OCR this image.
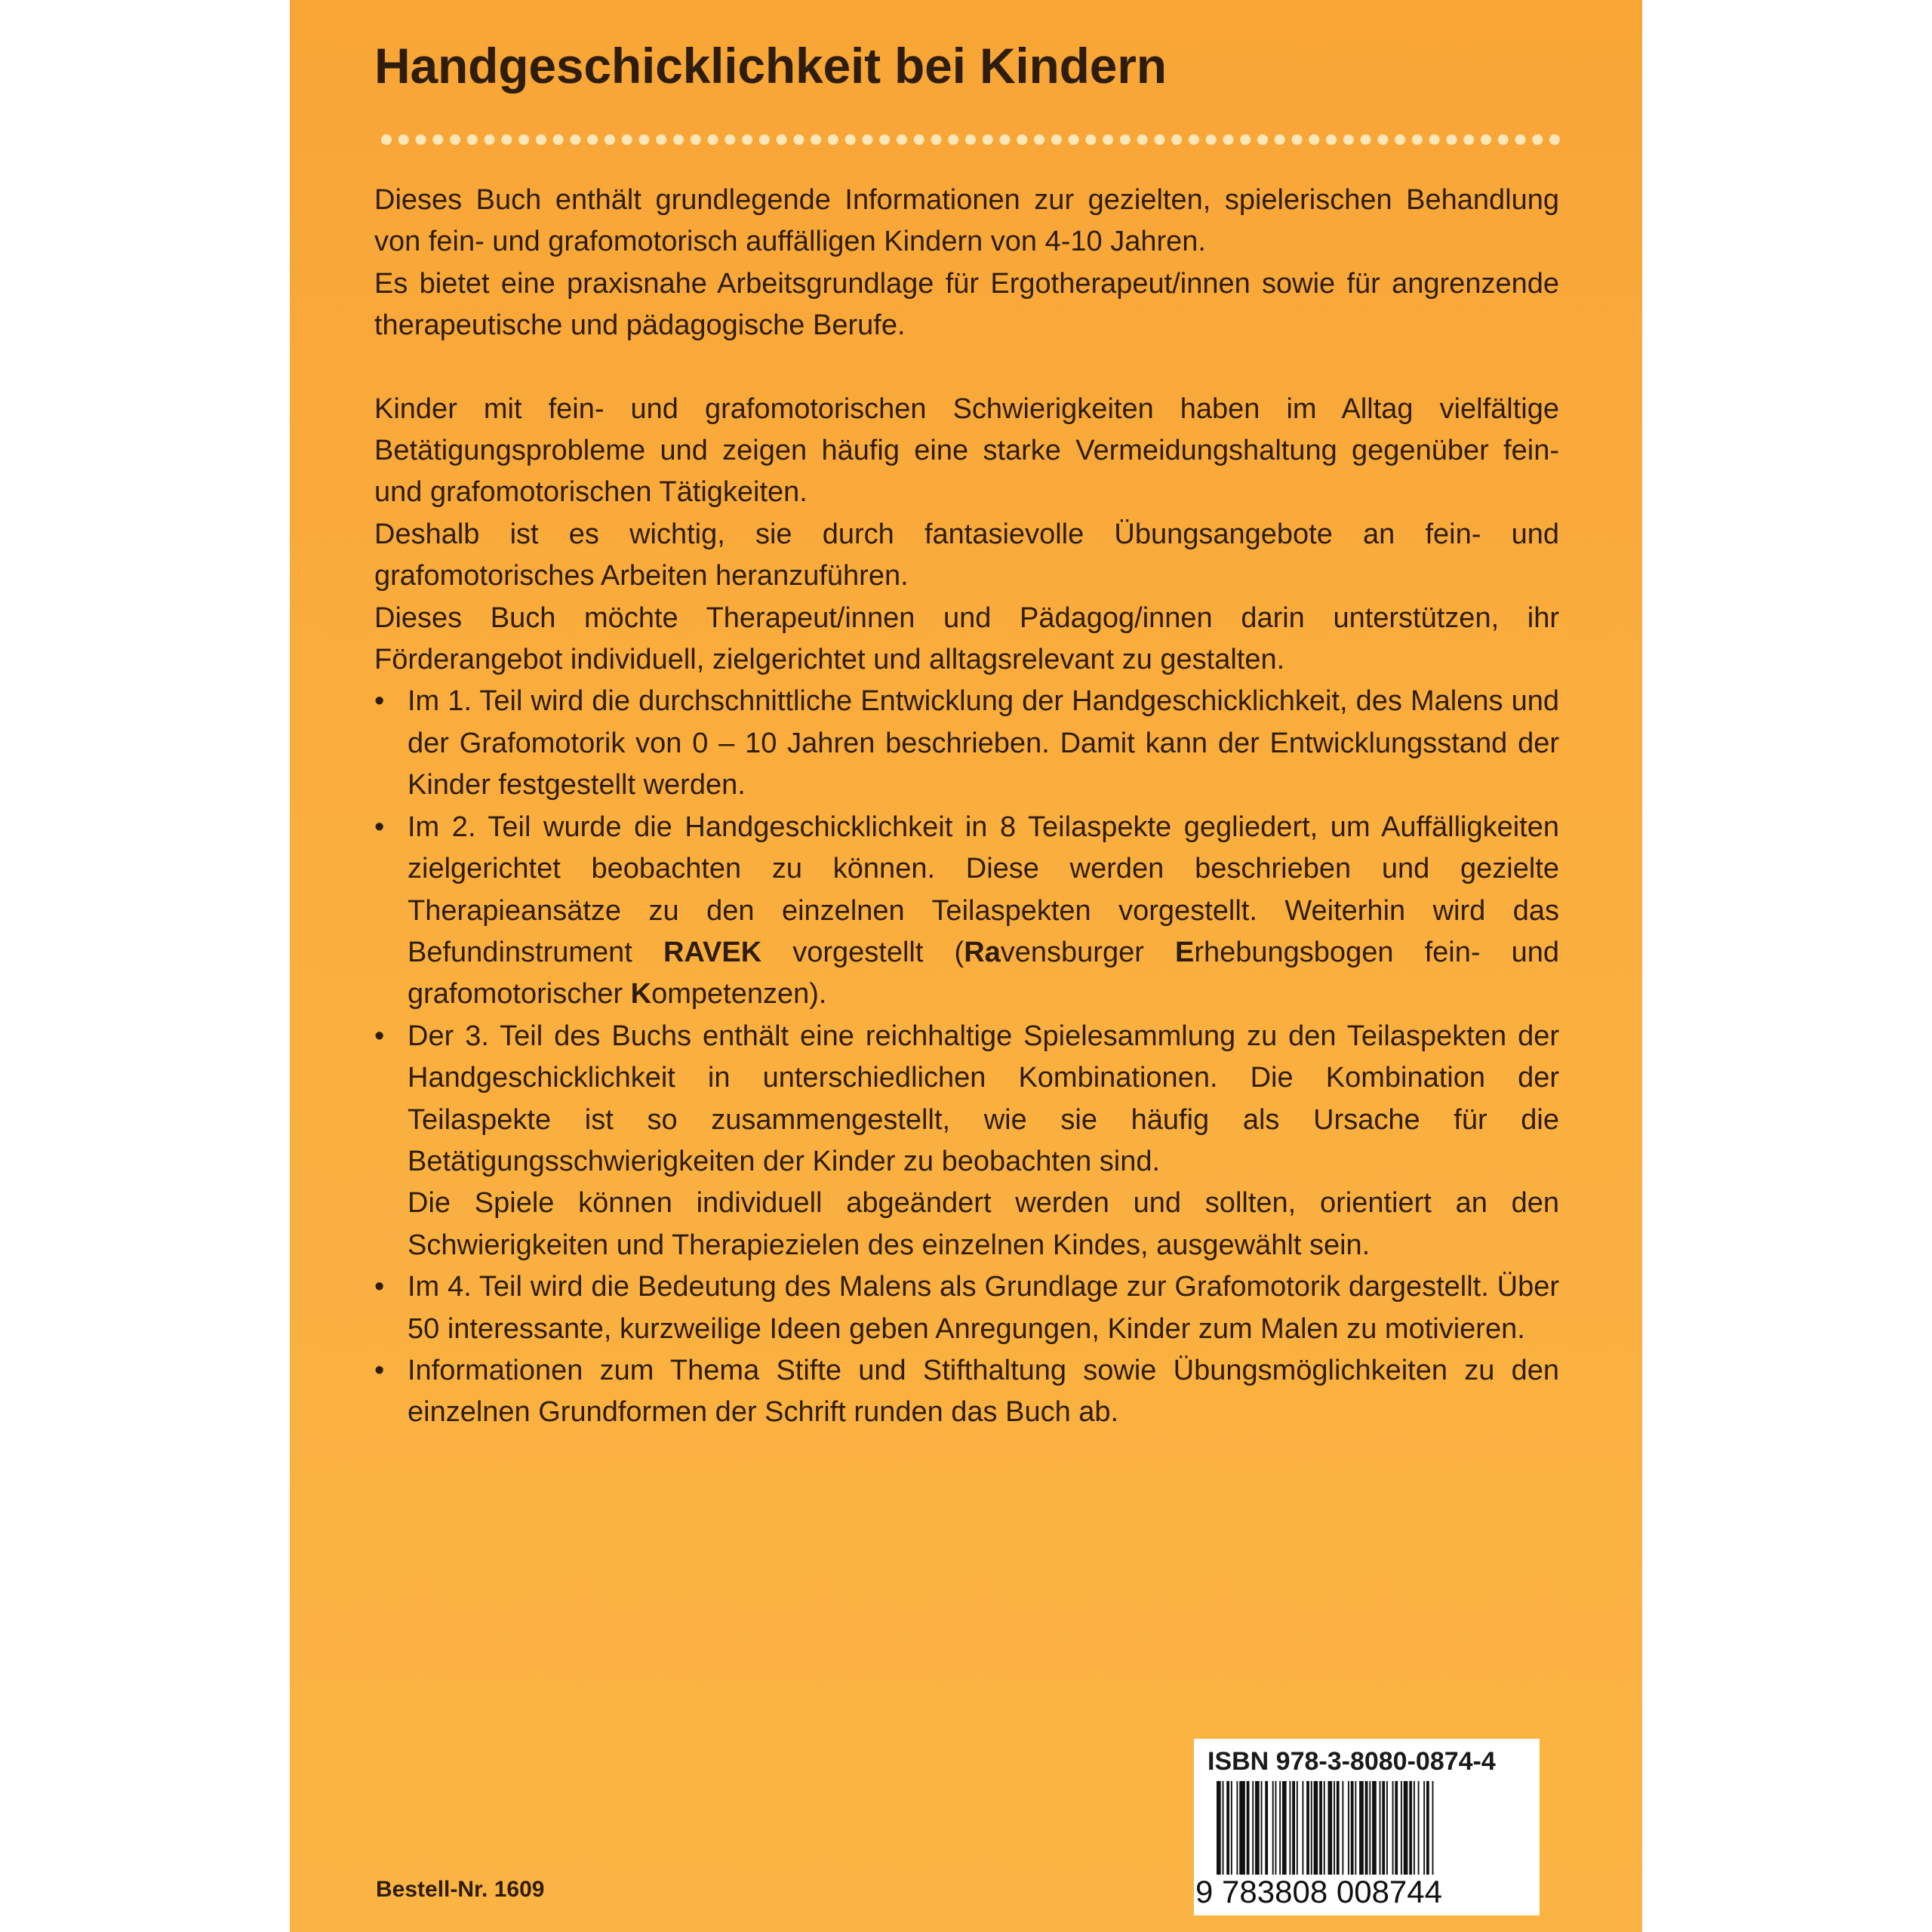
Handgeschicklichkeit bei Kindern

Dieses Buch enthält grundlegende Informationen zur gezielten, spielerischen Behandlung von fein- und grafomotorisch auffälligen Kindern von 4-10 Jahren.

Es bietet eine praxisnahe Arbeitsgrundlage für Ergotherapeut/innen sowie für angrenzende therapeutische und pädagogische Berufe.

Kinder mit fein- und grafomotorischen Schwierigkeiten haben im Alltag vielfältige Betätigungsprobleme und zeigen häufig eine starke Vermeidungshaltung gegenüber fein- und grafomotorischen Tätigkeiten.

Deshalb ist es wichtig, sie durch fantasievolle Übungsangebote an fein- und grafomotorisches Arbeiten heranzuführen.

Dieses Buch möchte Therapeut/innen und Pädagog/innen darin unterstützen, ihr Förderangebot individuell, zielgerichtet und alltagsrelevant zu gestalten.

• Im 1. Teil wird die durchschnittliche Entwicklung der Handgeschicklichkeit, des Malens und der Grafomotorik von 0 – 10 Jahren beschrieben. Damit kann der Entwicklungsstand der Kinder festgestellt werden.
• Im 2. Teil wurde die Handgeschicklichkeit in 8 Teilaspekte gegliedert, um Auffälligkeiten zielgerichtet beobachten zu können. Diese werden beschrieben und gezielte Therapieansätze zu den einzelnen Teilaspekten vorgestellt. Weiterhin wird das Befundinstrument RAVEK vorgestellt (Ravensburger Erhebungsbogen fein- und grafomotorischer Kompetenzen).
• Der 3. Teil des Buchs enthält eine reichhaltige Spielesammlung zu den Teilaspekten der Handgeschicklichkeit in unterschiedlichen Kombinationen. Die Kombination der Teilaspekte ist so zusammengestellt, wie sie häufig als Ursache für die Betätigungsschwierigkeiten der Kinder zu beobachten sind.
Die Spiele können individuell abgeändert werden und sollten, orientiert an den Schwierigkeiten und Therapiezielen des einzelnen Kindes, ausgewählt sein.
• Im 4. Teil wird die Bedeutung des Malens als Grundlage zur Grafomotorik dargestellt. Über 50 interessante, kurzweilige Ideen geben Anregungen, Kinder zum Malen zu motivieren.
• Informationen zum Thema Stifte und Stifthaltung sowie Übungsmöglichkeiten zu den einzelnen Grundformen der Schrift runden das Buch ab.
ISBN 978-3-8080-0874-4
9 783808 008744
Bestell-Nr. 1609
